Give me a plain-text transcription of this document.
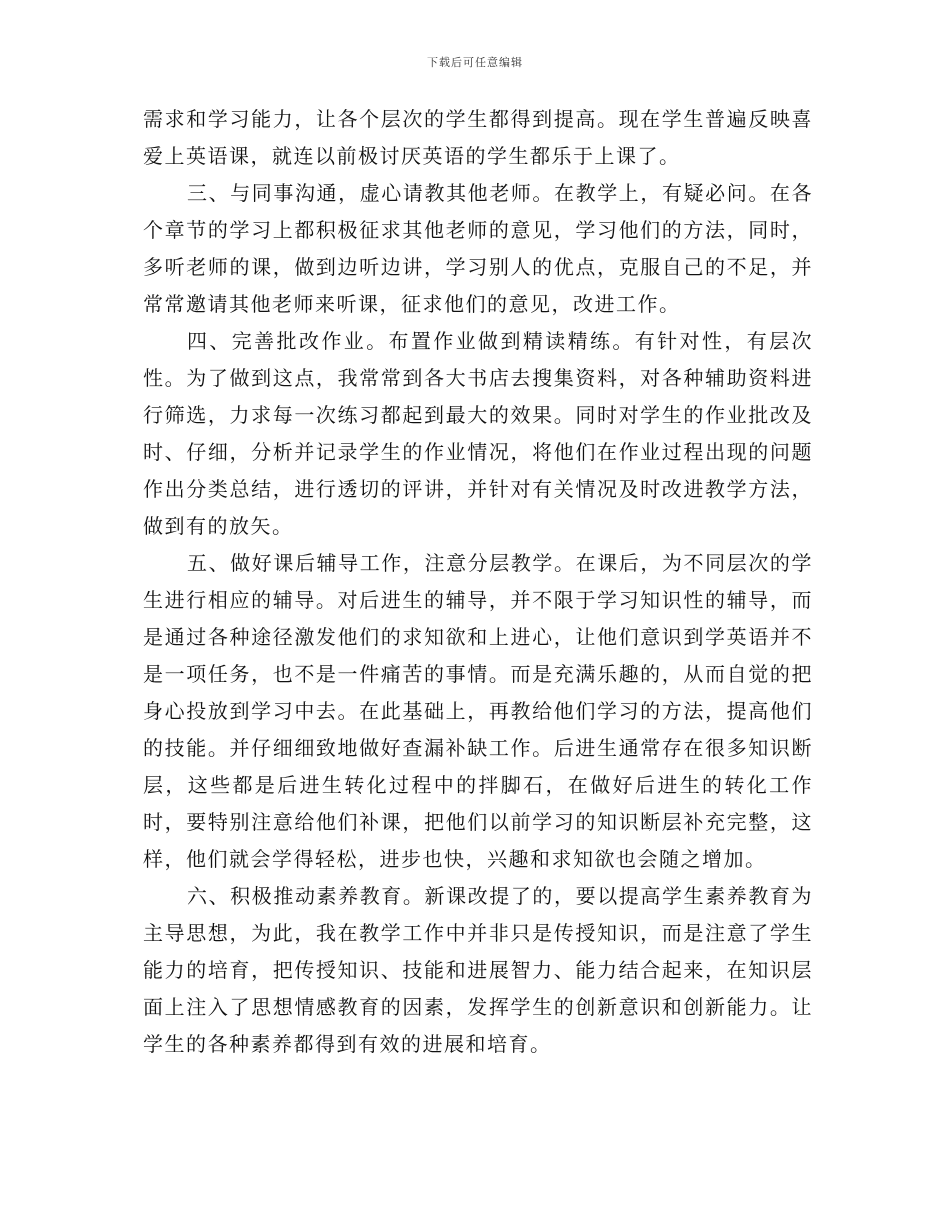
下载后可任意编辑

需求和学习能力，让各个层次的学生都得到提高。现在学生普遍反映喜爱上英语课，就连以前极讨厌英语的学生都乐于上课了。

三、与同事沟通，虚心请教其他老师。在教学上，有疑必问。在各个章节的学习上都积极征求其他老师的意见，学习他们的方法，同时，多听老师的课，做到边听边讲，学习别人的优点，克服自己的不足，并常常邀请其他老师来听课，征求他们的意见，改进工作。

四、完善批改作业。布置作业做到精读精练。有针对性，有层次性。为了做到这点，我常常到各大书店去搜集资料，对各种辅助资料进行筛选，力求每一次练习都起到最大的效果。同时对学生的作业批改及时、仔细，分析并记录学生的作业情况，将他们在作业过程出现的问题作出分类总结，进行透切的评讲，并针对有关情况及时改进教学方法，做到有的放矢。

五、做好课后辅导工作，注意分层教学。在课后，为不同层次的学生进行相应的辅导。对后进生的辅导，并不限于学习知识性的辅导，而是通过各种途径激发他们的求知欲和上进心，让他们意识到学英语并不是一项任务，也不是一件痛苦的事情。而是充满乐趣的，从而自觉的把身心投放到学习中去。在此基础上，再教给他们学习的方法，提高他们的技能。并仔细细致地做好查漏补缺工作。后进生通常存在很多知识断层，这些都是后进生转化过程中的拌脚石，在做好后进生的转化工作时，要特别注意给他们补课，把他们以前学习的知识断层补充完整，这样，他们就会学得轻松，进步也快，兴趣和求知欲也会随之增加。

六、积极推动素养教育。新课改提了的，要以提高学生素养教育为主导思想，为此，我在教学工作中并非只是传授知识，而是注意了学生能力的培育，把传授知识、技能和进展智力、能力结合起来，在知识层面上注入了思想情感教育的因素，发挥学生的创新意识和创新能力。让学生的各种素养都得到有效的进展和培育。
